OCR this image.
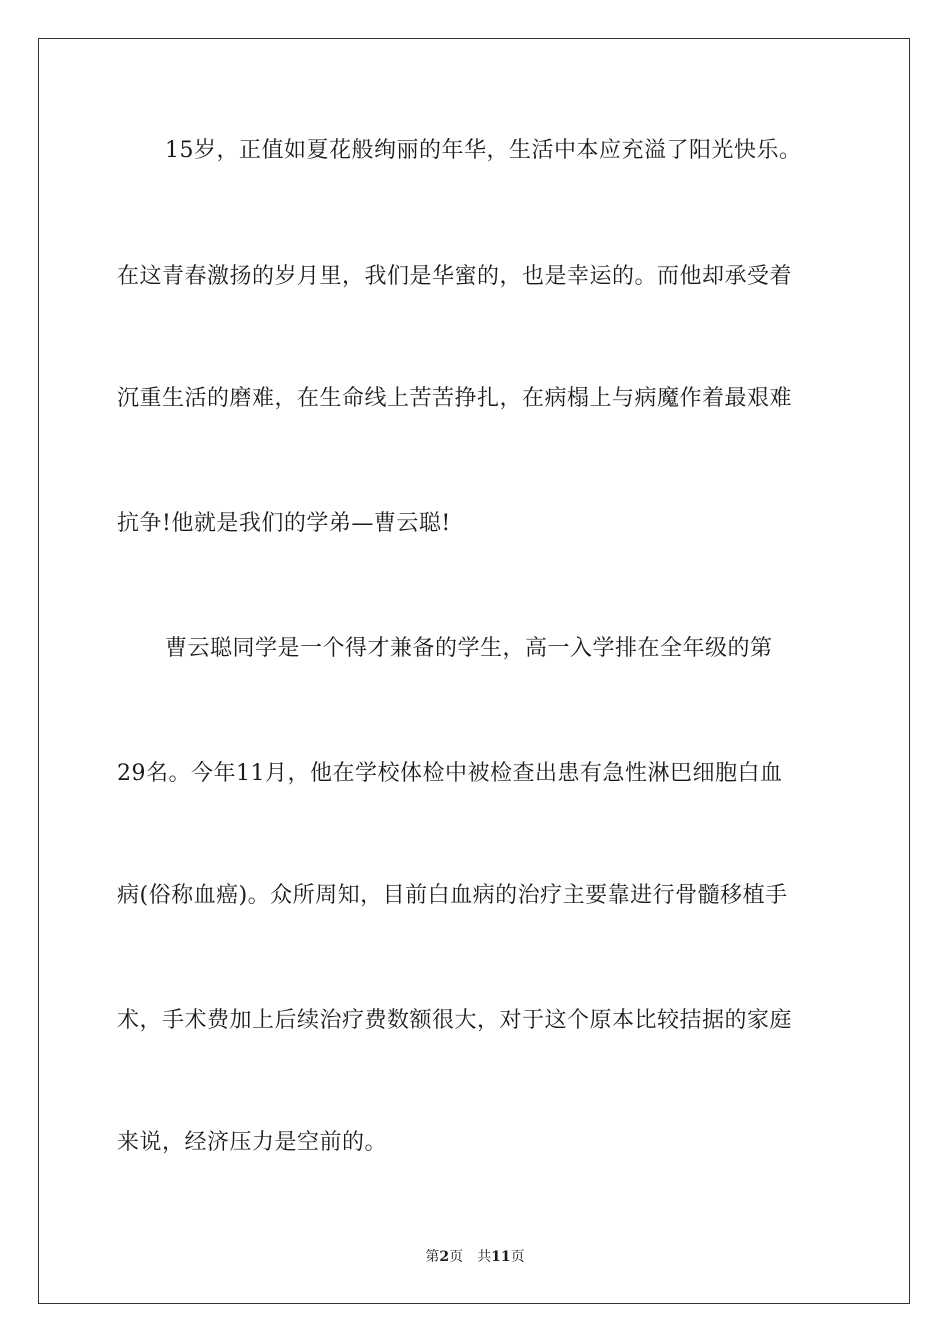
15岁，正值如夏花般绚丽的年华，生活中本应充溢了阳光快乐。
在这青春激扬的岁月里，我们是华蜜的，也是幸运的。而他却承受着
沉重生活的磨难，在生命线上苦苦挣扎，在病榻上与病魔作着最艰难
抗争!他就是我们的学弟—曹云聪!
曹云聪同学是一个得才兼备的学生，高一入学排在全年级的第
29名。今年11月，他在学校体检中被检查出患有急性淋巴细胞白血
病(俗称血癌)。众所周知，目前白血病的治疗主要靠进行骨髓移植手
术，手术费加上后续治疗费数额很大，对于这个原本比较拮据的家庭
来说，经济压力是空前的。
第2页 共11页
